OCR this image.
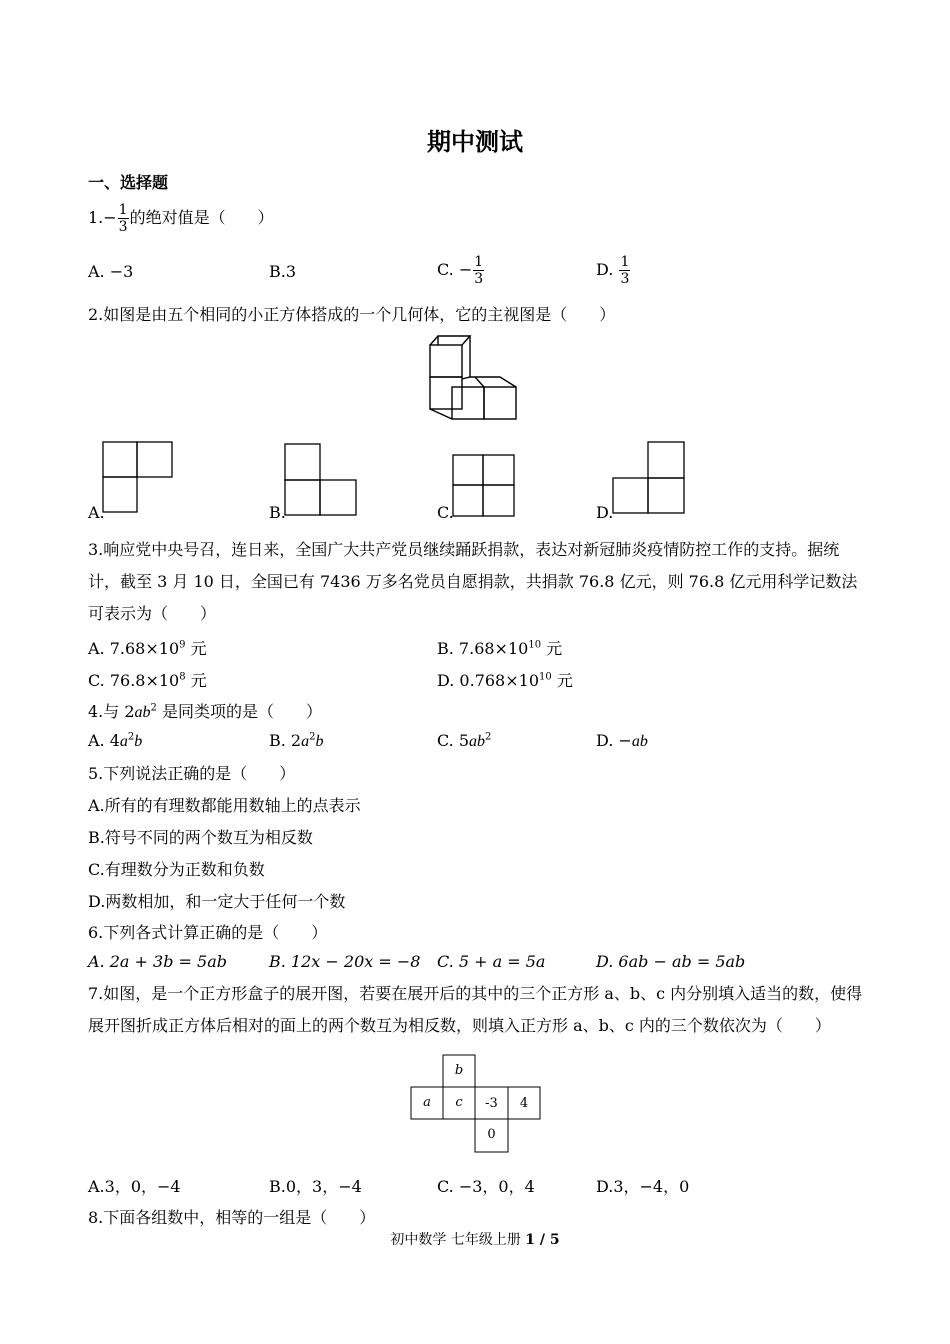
期中测试
一、选择题
$1.- \frac{1}{3}$ 的绝对值是（　　）
A. −3	B.3	C. − $\frac{1}{3}$	D. $\frac{1}{3}$
2.如图是由五个相同的小正方体搭成的一个几何体，它的主视图是（　　）
A.	B.	C.	D.
3.响应党中央号召，连日来，全国广大共产党员继续踊跃捐款，表达对新冠肺炎疫情防控工作的支持。据统计，截至 3 月 10 日，全国已有 7436 万多名党员自愿捐款，共捐款 76.8 亿元，则 76.8 亿元用科学记数法可表示为（　　）
A. $7.68\times 10^9$ 元	B. $7.68\times 10^{10}$ 元
C. $76.8\times 10^8$ 元	D. $0.768\times 10^{10}$ 元
4.与 $2ab^2$ 是同类项的是（　　）
A. $4a^2b$	B. $2a^2b$	C. $5ab^2$	D. −ab
5.下列说法正确的是（　　）
A.所有的有理数都能用数轴上的点表示
B.符号不同的两个数互为相反数
C.有理数分为正数和负数
D.两数相加，和一定大于任何一个数
6.下列各式计算正确的是（　　）
A. 2a + 3b = 5ab	B. 12x − 20x = −8 C. 5 + a = 5a	D. 6ab − ab = 5ab
7.如图，是一个正方形盒子的展开图，若要在展开后的其中的三个正方形 a、b、c 内分别填入适当的数，使得展开图折成正方体后相对的面上的两个数互为相反数，则填入正方形 a、b、c 内的三个数依次为（　　）
b
a	c	-3	4
0
A.3，0，−4	B.0，3，−4	C. −3，0，4	D.3，−4，0
8.下面各组数中，相等的一组是（　　）
初中数学 七年级上册 1 / 5
